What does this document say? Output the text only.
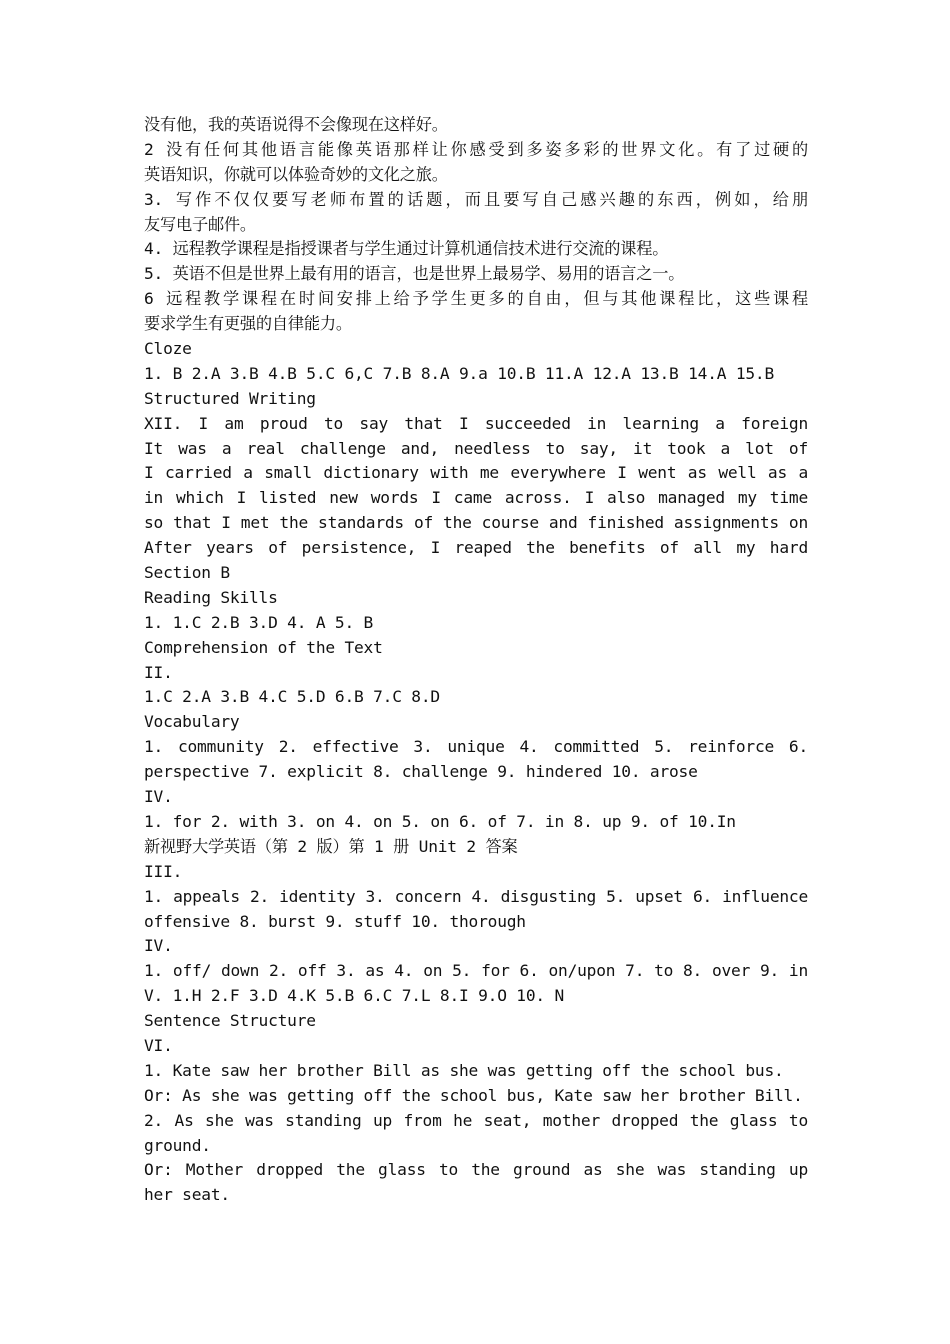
没有他，我的英语说得不会像现在这样好。
2 没有任何其他语言能像英语那样让你感受到多姿多彩的世界文化。有了过硬的
英语知识，你就可以体验奇妙的文化之旅。
3. 写作不仅仅要写老师布置的话题，而且要写自己感兴趣的东西，例如，给朋
友写电子邮件。
4. 远程教学课程是指授课者与学生通过计算机通信技术进行交流的课程。
5. 英语不但是世界上最有用的语言，也是世界上最易学、易用的语言之一。
6 远程教学课程在时间安排上给予学生更多的自由，但与其他课程比，这些课程
要求学生有更强的自律能力。
Cloze
1. B 2.A 3.B 4.B 5.C 6,C 7.B 8.A 9.a 10.B 11.A 12.A 13.B 14.A 15.B
Structured Writing
XII. I am proud to say that I succeeded in learning a foreign
It was a real challenge and, needless to say, it took a lot of
I carried a small dictionary with me everywhere I went as well as a
in which I listed new words I came across. I also managed my time
so that I met the standards of the course and finished assignments on
After years of persistence, I reaped the benefits of all my hard
Section B
Reading Skills
1. 1.C 2.B 3.D 4. A 5. B
Comprehension of the Text
II.
1.C 2.A 3.B 4.C 5.D 6.B 7.C 8.D
Vocabulary
1. community 2. effective 3. unique 4. committed 5. reinforce 6.
perspective 7. explicit 8. challenge 9. hindered 10. arose
IV.
1. for 2. with 3. on 4. on 5. on 6. of 7. in 8. up 9. of 10.In
新视野大学英语（第 2 版）第 1 册 Unit 2 答案
III.
1. appeals 2. identity 3. concern 4. disgusting 5. upset 6. influence
offensive 8. burst 9. stuff 10. thorough
IV.
1. off/ down 2. off 3. as 4. on 5. for 6. on/upon 7. to 8. over 9. in
V. 1.H 2.F 3.D 4.K 5.B 6.C 7.L 8.I 9.O 10. N
Sentence Structure
VI.
1. Kate saw her brother Bill as she was getting off the school bus.
Or: As she was getting off the school bus, Kate saw her brother Bill.
2. As she was standing up from he seat, mother dropped the glass to
ground.
Or: Mother dropped the glass to the ground as she was standing up
her seat.
